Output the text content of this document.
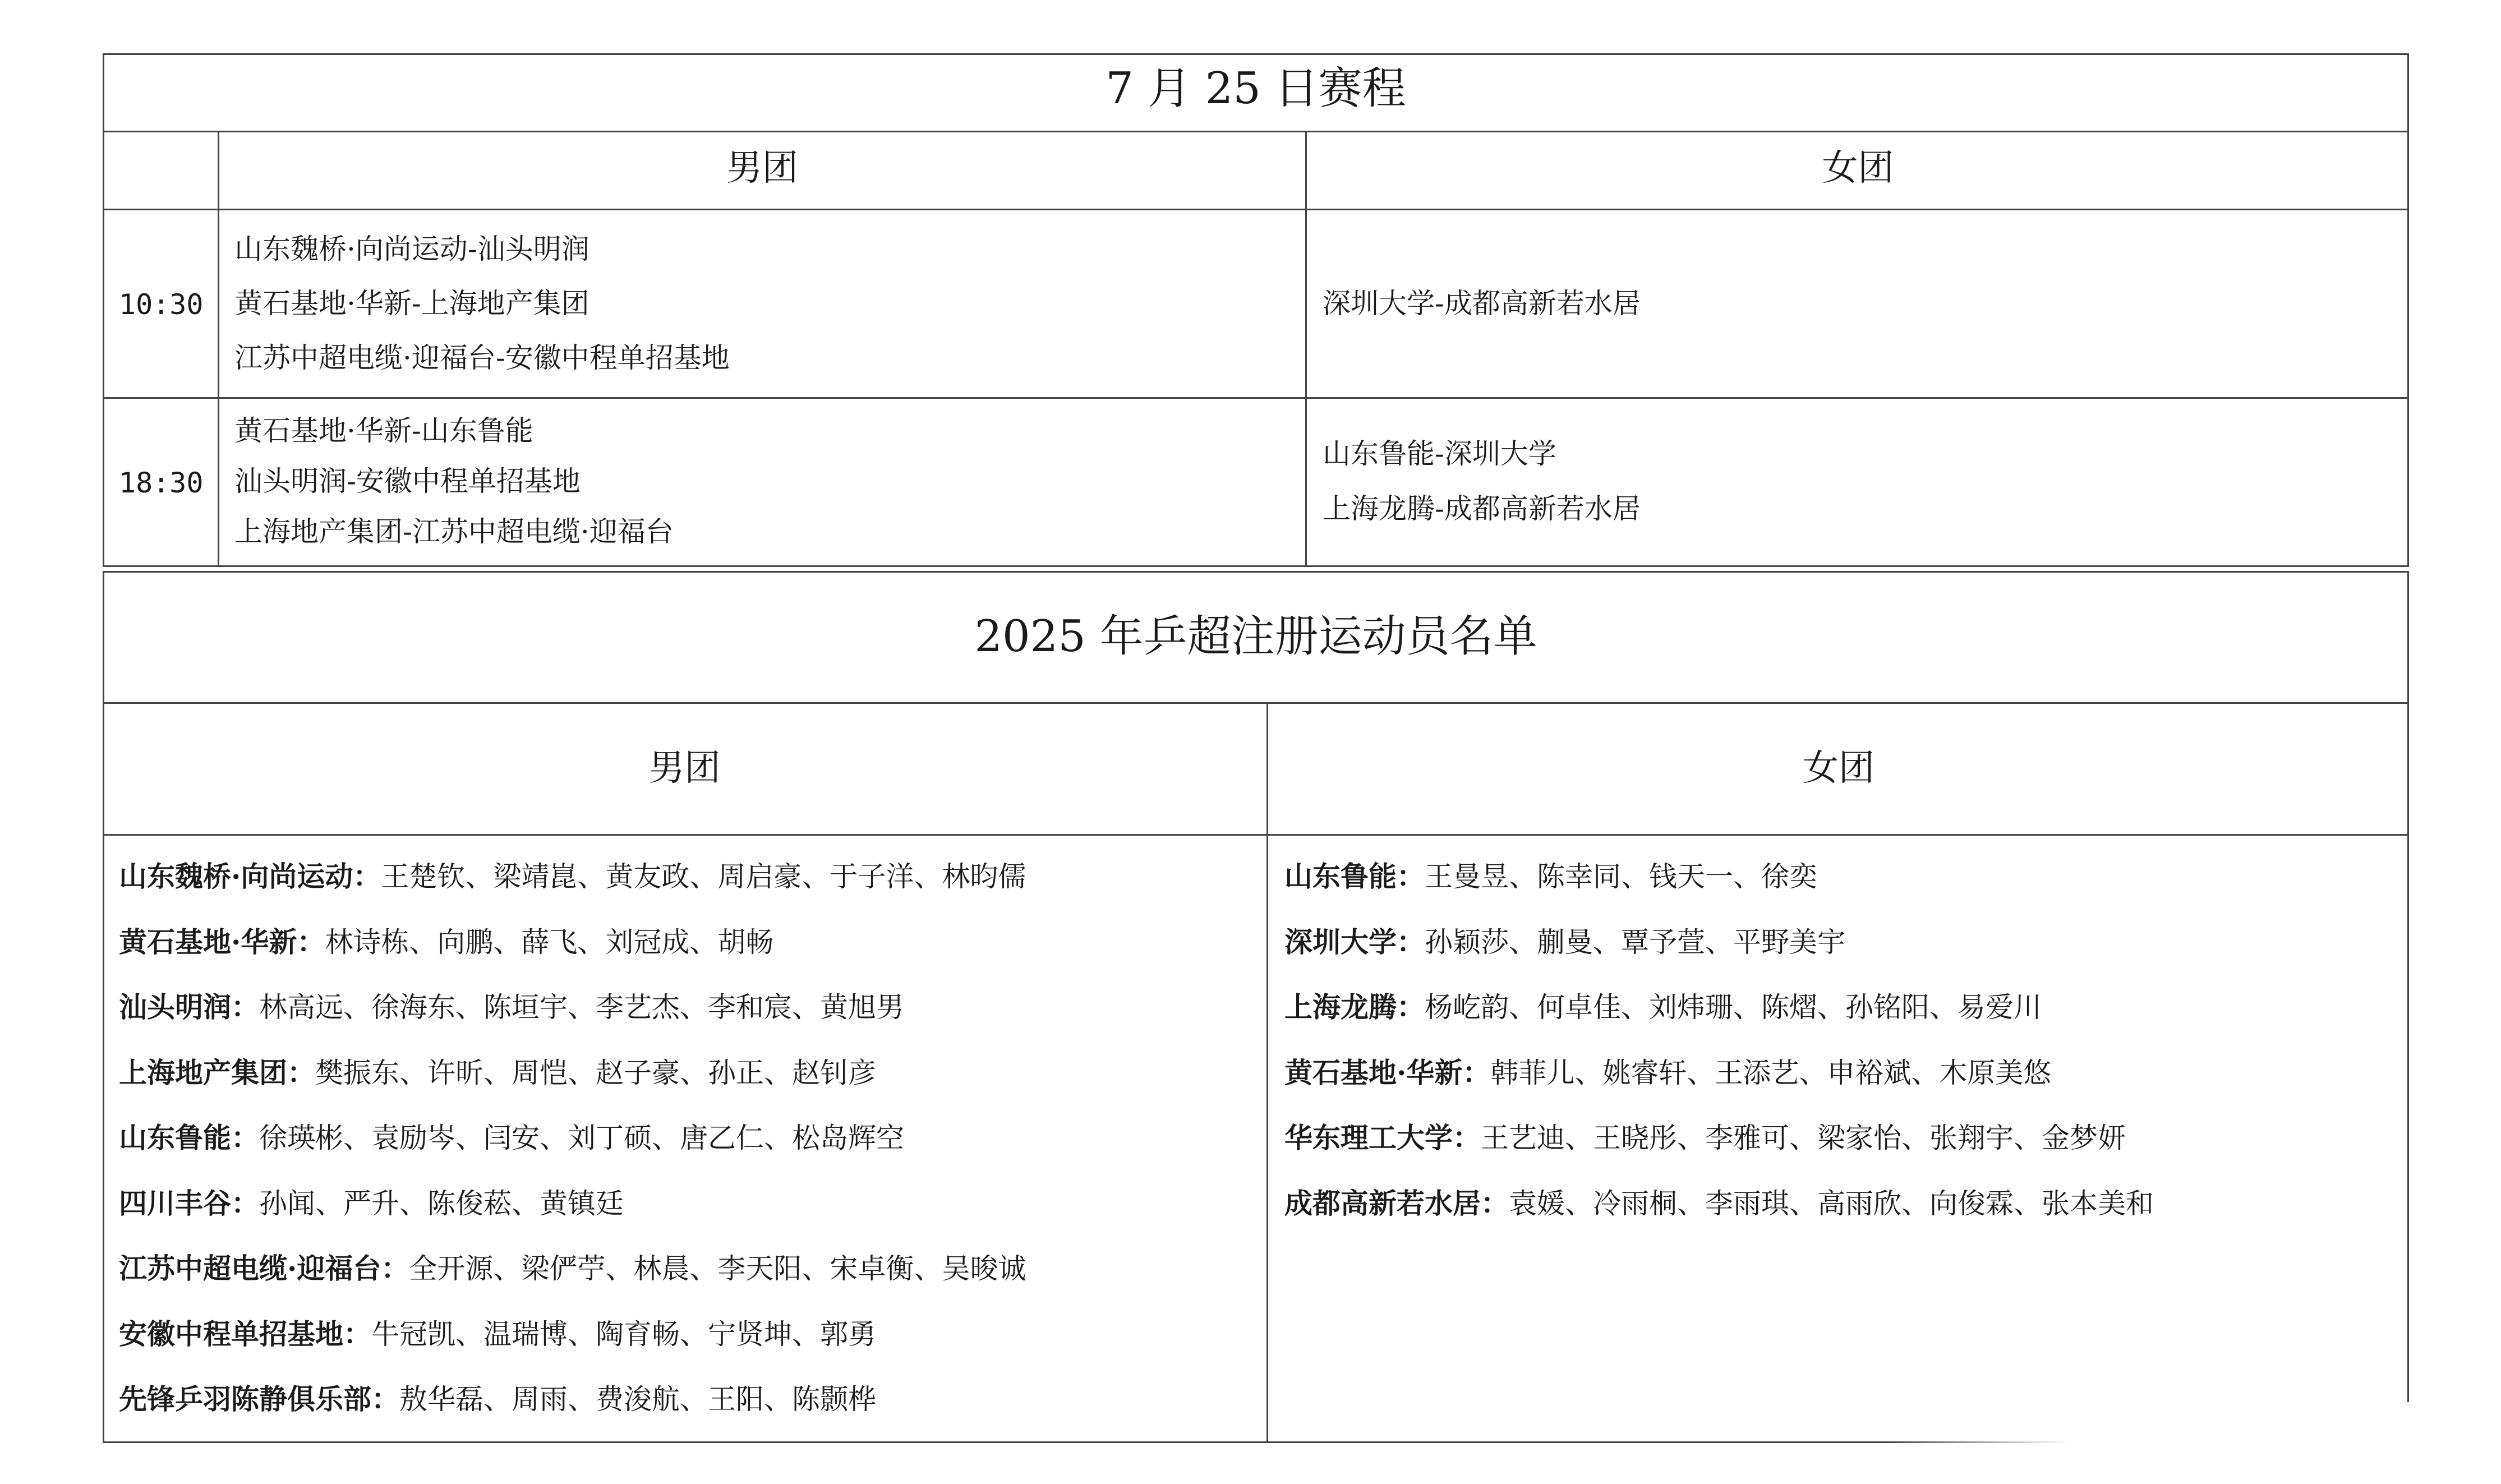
7 月 25 日赛程
男团	女团
10:30
山东魏桥·向尚运动-汕头明润
黄石基地·华新-上海地产集团
江苏中超电缆·迎福台-安徽中程单招基地
深圳大学-成都高新若水居
18:30
黄石基地·华新-山东鲁能
汕头明润-安徽中程单招基地
上海地产集团-江苏中超电缆·迎福台
山东鲁能-深圳大学
上海龙腾-成都高新若水居
2025 年乒超注册运动员名单
男团	女团
山东魏桥·向尚运动：王楚钦、梁靖崑、黄友政、周启豪、于子洋、林昀儒
黄石基地·华新：林诗栋、向鹏、薛飞、刘冠成、胡畅
汕头明润：林高远、徐海东、陈垣宇、李艺杰、李和宸、黄旭男
上海地产集团：樊振东、许昕、周恺、赵子豪、孙正、赵钊彦
山东鲁能：徐瑛彬、袁励岑、闫安、刘丁硕、唐乙仁、松岛辉空
四川丰谷：孙闻、严升、陈俊菘、黄镇廷
江苏中超电缆·迎福台：全开源、梁俨苧、林晨、李天阳、宋卓衡、吴晙诚
安徽中程单招基地：牛冠凯、温瑞博、陶育畅、宁贤坤、郭勇
先锋乒羽陈静俱乐部：敖华磊、周雨、费浚航、王阳、陈颢桦
山东鲁能：王曼昱、陈幸同、钱天一、徐奕
深圳大学：孙颖莎、蒯曼、覃予萱、平野美宇
上海龙腾：杨屹韵、何卓佳、刘炜珊、陈熠、孙铭阳、易爱川
黄石基地·华新：韩菲儿、姚睿轩、王添艺、申裕斌、木原美悠
华东理工大学：王艺迪、王晓彤、李雅可、梁家怡、张翔宇、金梦妍
成都高新若水居：袁媛、冷雨桐、李雨琪、高雨欣、向俊霖、张本美和
